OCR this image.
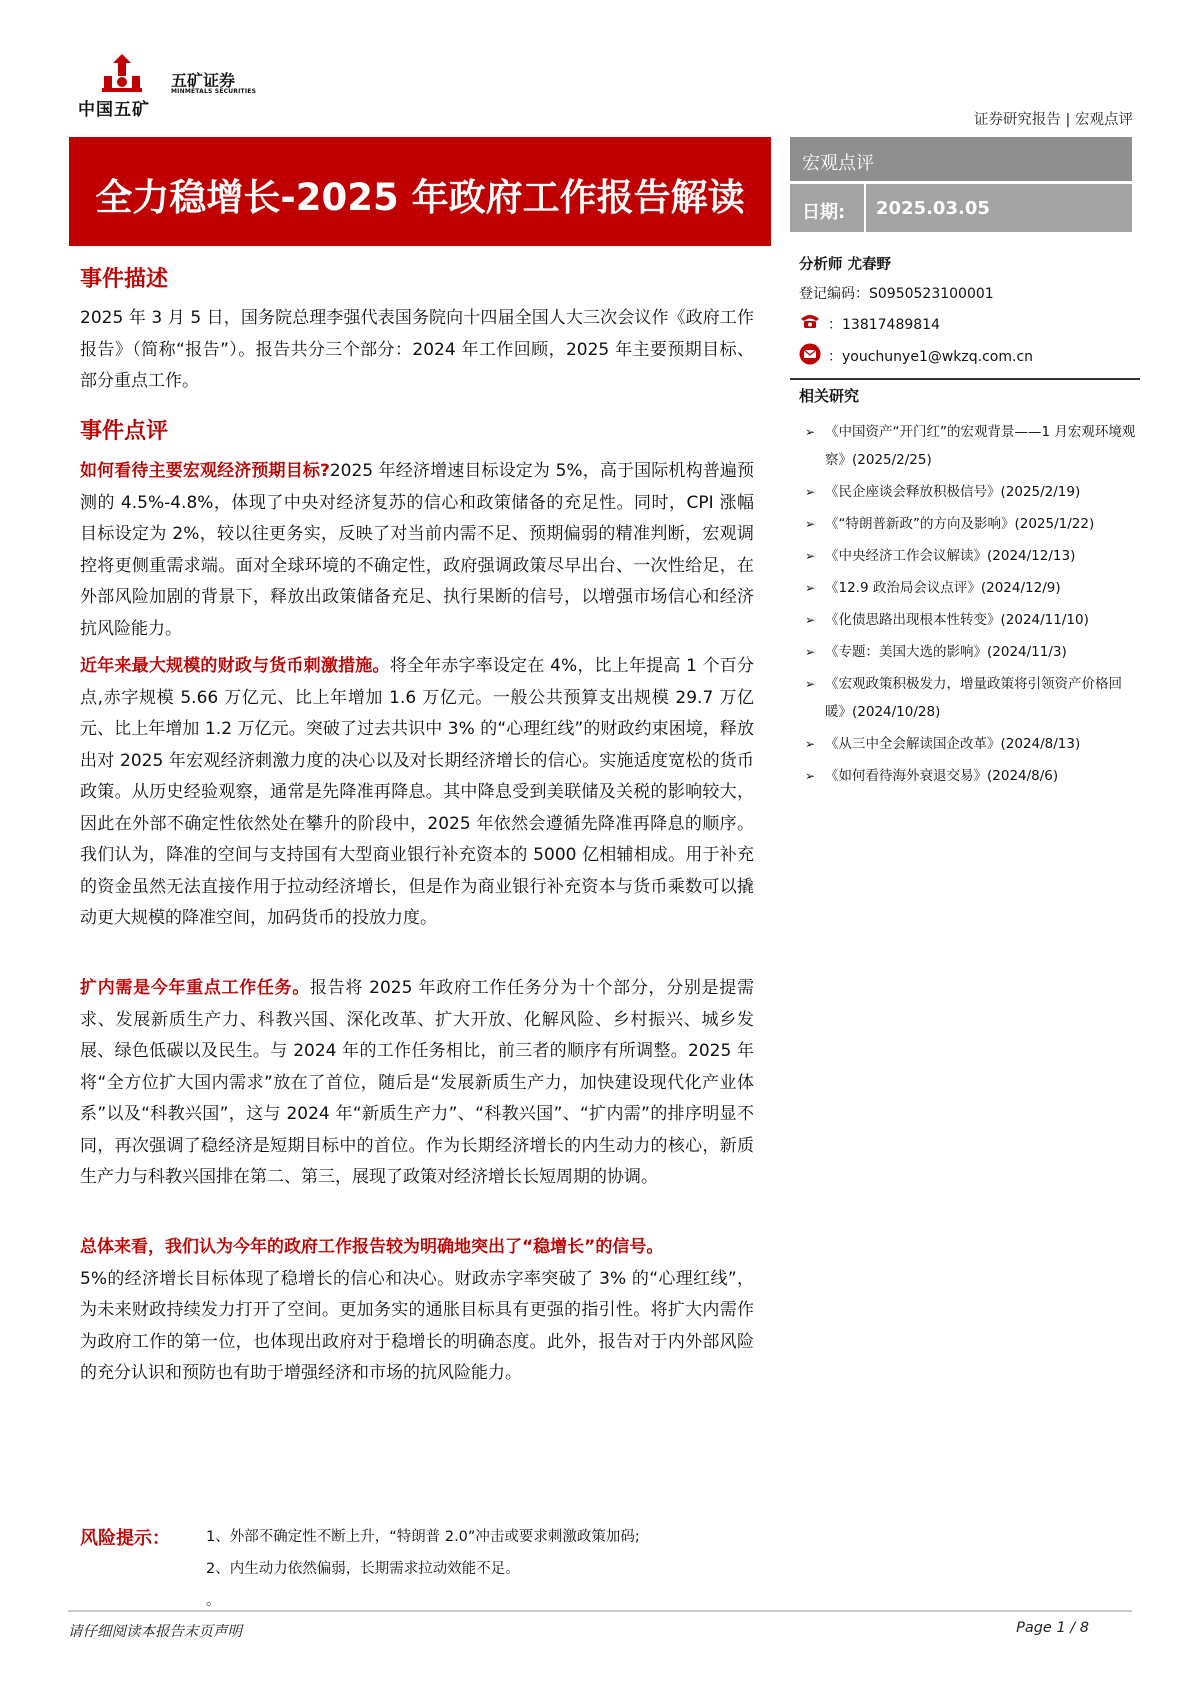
中国五矿
五矿证券
MINMETALS SECURITIES
证券研究报告 | 宏观点评
全力稳增长-2025 年政府工作报告解读
宏观点评
日期: 2025.03.05
分析师 尤春野
登记编码：S0950523100001
：13817489814
：youchunye1@wkzq.com.cn
相关研究
➢ 《中国资产“开门红”的宏观背景——1 月宏观环境观察》(2025/2/25)
➢ 《民企座谈会释放积极信号》(2025/2/19)
➢ 《“特朗普新政”的方向及影响》(2025/1/22)
➢ 《中央经济工作会议解读》(2024/12/13)
➢ 《12.9 政治局会议点评》(2024/12/9)
➢ 《化债思路出现根本性转变》(2024/11/10)
➢ 《专题：美国大选的影响》(2024/11/3)
➢ 《宏观政策积极发力，增量政策将引领资产价格回暖》(2024/10/28)
➢ 《从三中全会解读国企改革》(2024/8/13)
➢ 《如何看待海外衰退交易》(2024/8/6)
事件描述
2025 年 3 月 5 日，国务院总理李强代表国务院向十四届全国人大三次会议作《政府工作报告》（简称“报告”）。报告共分三个部分：2024 年工作回顾，2025 年主要预期目标、部分重点工作。
事件点评
如何看待主要宏观经济预期目标?2025 年经济增速目标设定为 5%，高于国际机构普遍预测的 4.5%-4.8%，体现了中央对经济复苏的信心和政策储备的充足性。同时，CPI 涨幅目标设定为 2%，较以往更务实，反映了对当前内需不足、预期偏弱的精准判断，宏观调控将更侧重需求端。面对全球环境的不确定性，政府强调政策尽早出台、一次性给足，在外部风险加剧的背景下，释放出政策储备充足、执行果断的信号，以增强市场信心和经济抗风险能力。
近年来最大规模的财政与货币刺激措施。将全年赤字率设定在 4%，比上年提高 1 个百分点,赤字规模 5.66 万亿元、比上年增加 1.6 万亿元。一般公共预算支出规模 29.7 万亿元、比上年增加 1.2 万亿元。突破了过去共识中 3% 的“心理红线”的财政约束困境，释放出对 2025 年宏观经济刺激力度的决心以及对长期经济增长的信心。实施适度宽松的货币政策。从历史经验观察，通常是先降准再降息。其中降息受到美联储及关税的影响较大，因此在外部不确定性依然处在攀升的阶段中，2025 年依然会遵循先降准再降息的顺序。我们认为，降准的空间与支持国有大型商业银行补充资本的 5000 亿相辅相成。用于补充的资金虽然无法直接作用于拉动经济增长，但是作为商业银行补充资本与货币乘数可以撬动更大规模的降准空间，加码货币的投放力度。
扩内需是今年重点工作任务。报告将 2025 年政府工作任务分为十个部分，分别是提需求、发展新质生产力、科教兴国、深化改革、扩大开放、化解风险、乡村振兴、城乡发展、绿色低碳以及民生。与 2024 年的工作任务相比，前三者的顺序有所调整。2025 年将“全方位扩大国内需求”放在了首位，随后是“发展新质生产力，加快建设现代化产业体系”以及“科教兴国”，这与 2024 年“新质生产力”、“科教兴国”、“扩内需”的排序明显不同，再次强调了稳经济是短期目标中的首位。作为长期经济增长的内生动力的核心，新质生产力与科教兴国排在第二、第三，展现了政策对经济增长长短周期的协调。
总体来看，我们认为今年的政府工作报告较为明确地突出了“稳增长”的信号。
5%的经济增长目标体现了稳增长的信心和决心。财政赤字率突破了 3% 的“心理红线”，为未来财政持续发力打开了空间。更加务实的通胀目标具有更强的指引性。将扩大内需作为政府工作的第一位，也体现出政府对于稳增长的明确态度。此外，报告对于内外部风险的充分认识和预防也有助于增强经济和市场的抗风险能力。
风险提示： 1、外部不确定性不断上升，“特朗普 2.0”冲击或要求刺激政策加码;
2、内生动力依然偏弱，长期需求拉动效能不足。
。
请仔细阅读本报告末页声明	Page 1 / 8
